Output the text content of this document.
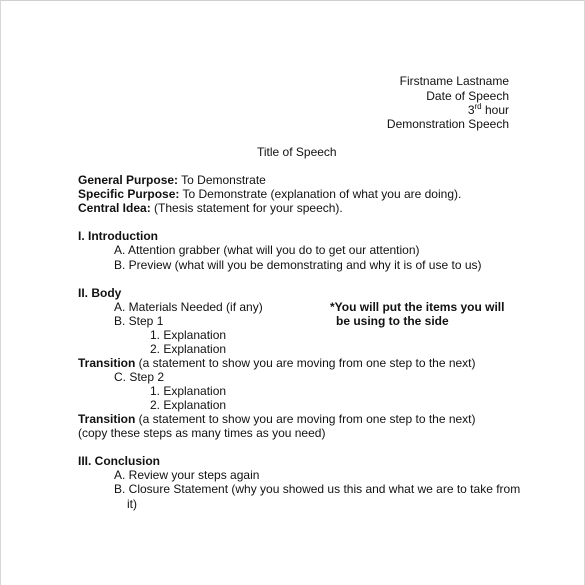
Firstname Lastname
Date of Speech
3rd hour
Demonstration Speech
Title of Speech
General Purpose: To Demonstrate
Specific Purpose: To Demonstrate (explanation of what you are doing).
Central Idea: (Thesis statement for your speech).
I. Introduction
A. Attention grabber (what will you do to get our attention)
B. Preview (what will you be demonstrating and why it is of use to us)
II. Body
A. Materials Needed (if any)	*You will put the items you will
be using to the side
B. Step 1
1. Explanation
2. Explanation
Transition (a statement to show you are moving from one step to the next)
C. Step 2
1. Explanation
2. Explanation
Transition (a statement to show you are moving from one step to the next)
(copy these steps as many times as you need)
III. Conclusion
A. Review your steps again
B. Closure Statement (why you showed us this and what we are to take from
it)
